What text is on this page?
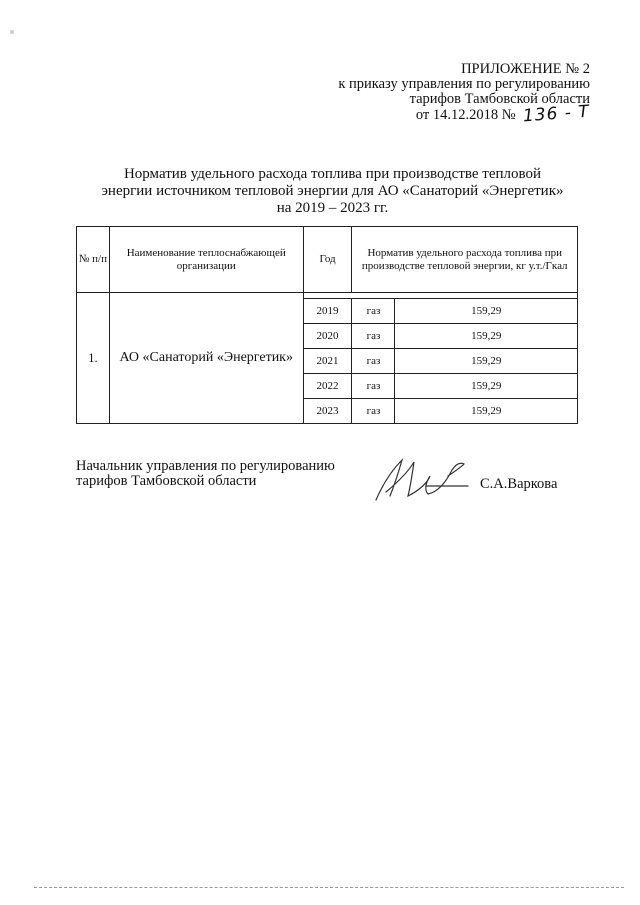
ПРИЛОЖЕНИЕ № 2
к приказу управления по регулированию
тарифов Тамбовской области
от 14.12.2018 № 136 - Т
Норматив удельного расхода топлива при производстве тепловой
энергии источником тепловой энергии для АО «Санаторий «Энергетик»
на 2019 – 2023 гг.
№ п/п	Наименование теплоснабжающей организации	Год	Норматив удельного расхода топлива при производстве тепловой энергии, кг у.т./Гкал	
1.	АО «Санаторий «Энергетик»			
		2019	газ	159,29
		2020	газ	159,29
		2021	газ	159,29
		2022	газ	159,29
		2023	газ	159,29
Начальник управления по регулированию
тарифов Тамбовской области	С.А.Варкова
